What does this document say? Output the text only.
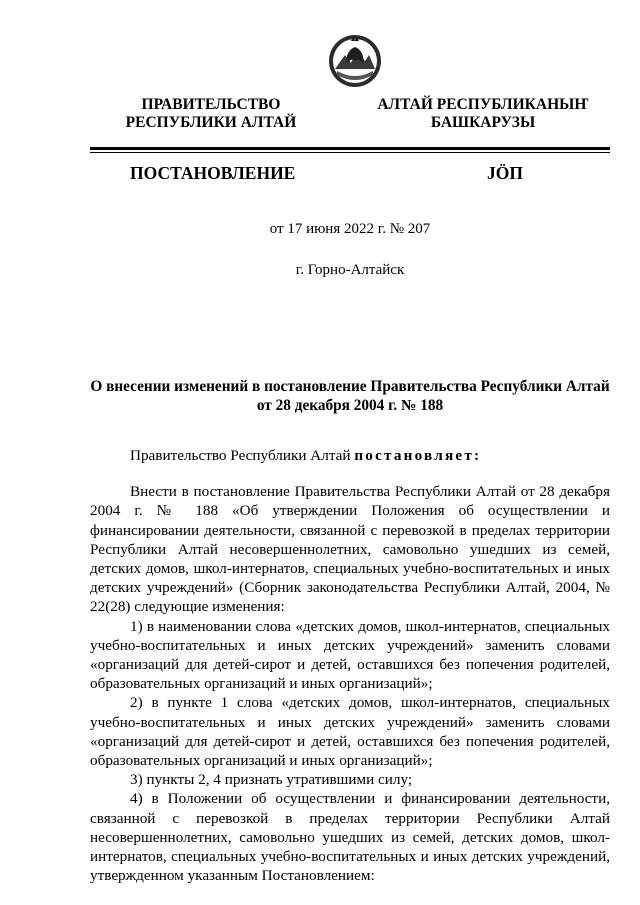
ПРАВИТЕЛЬСТВО
РЕСПУБЛИКИ АЛТАЙ
АЛТАЙ РЕСПУБЛИКАНЫҤ
БАШКАРУЗЫ
ПОСТАНОВЛЕНИЕ	JÖП
от 17 июня 2022 г. № 207
г. Горно-Алтайск
О внесении изменений в постановление Правительства Республики Алтай
от 28 декабря 2004 г. № 188

Правительство Республики Алтай постановляет:

Внести в постановление Правительства Республики Алтай от 28 декабря 2004 г. № 188 «Об утверждении Положения об осуществлении и финансировании деятельности, связанной с перевозкой в пределах территории Республики Алтай несовершеннолетних, самовольно ушедших из семей, детских домов, школ-интернатов, специальных учебно-воспитательных и иных детских учреждений» (Сборник законодательства Республики Алтай, 2004, № 22(28) следующие изменения:

1) в наименовании слова «детских домов, школ-интернатов, специальных учебно-воспитательных и иных детских учреждений» заменить словами «организаций для детей-сирот и детей, оставшихся без попечения родителей, образовательных организаций и иных организаций»;

2) в пункте 1 слова «детских домов, школ-интернатов, специальных учебно-воспитательных и иных детских учреждений» заменить словами «организаций для детей-сирот и детей, оставшихся без попечения родителей, образовательных организаций и иных организаций»;

3) пункты 2, 4 признать утратившими силу;

4) в Положении об осуществлении и финансировании деятельности, связанной с перевозкой в пределах территории Республики Алтай несовершеннолетних, самовольно ушедших из семей, детских домов, школ-интернатов, специальных учебно-воспитательных и иных детских учреждений, утвержденном указанным Постановлением:
